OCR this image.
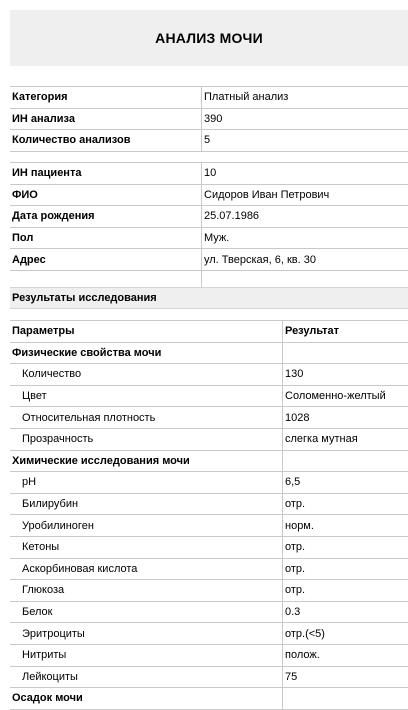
АНАЛИЗ МОЧИ
Категория	Платный анализ
ИН анализа	390
Количество анализов	5
ИН пациента	10
ФИО	Сидоров Иван Петрович
Дата рождения	25.07.1986
Пол	Муж.
Адрес	ул. Тверская, 6, кв. 30

Результаты исследования
Параметры	Результат
Физические свойства мочи	
Количество	130
Цвет	Соломенно-желтый
Относительная плотность	1028
Прозрачность	слегка мутная
Химические исследования мочи	
pH	6,5
Билирубин	отр.
Уробилиноген	норм.
Кетоны	отр.
Аскорбиновая кислота	отр.
Глюкоза	отр.
Белок	0.3
Эритроциты	отр.(<5)
Нитриты	полож.
Лейкоциты	75
Осадок мочи	
